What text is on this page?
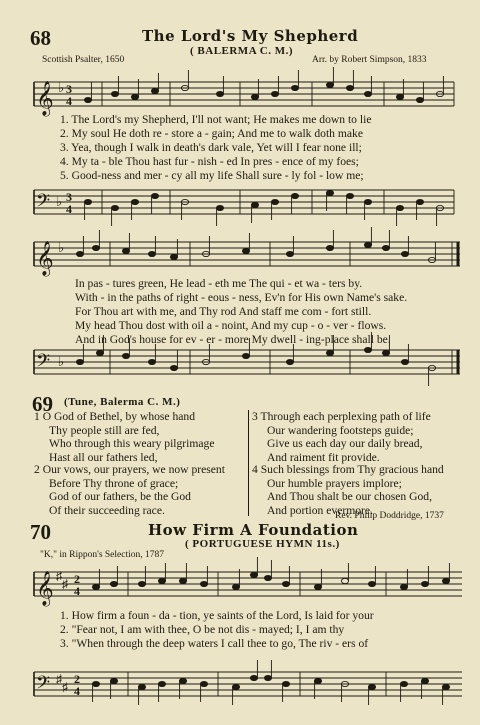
68	The Lord's My Shepherd
( BALERMA C. M.)
Scottish Psalter, 1650	Arr. by Robert Simpson, 1833
𝄞 ♭ 3
4
1. The Lord's my Shepherd, I'll not want; He makes me down to lie
2. My soul He doth re - store a - gain; And me to walk doth make
3. Yea, though I walk in death's dark vale, Yet will I fear none ill;
4. My ta - ble Thou hast fur - nish - ed In pres - ence of my foes;
5. Good-ness and mer - cy all my life Shall sure - ly fol - low me;
𝄢 ♭ 3
4
𝄞 ♭
In pas - tures green, He lead - eth me The qui - et wa - ters by.
With - in the paths of right - eous - ness, Ev'n for His own Name's sake.
For Thou art with me, and Thy rod And staff me com - fort still.
My head Thou dost with oil a - noint, And my cup - o - ver - flows.
And in God's house for ev - er - more My dwell - ing-place shall be.
𝄢 ♭
69 (Tune, Balerma C. M.)
1 O God of Bethel, by whose hand
Thy people still are fed,
Who through this weary pilgrimage
Hast all our fathers led,
2 Our vows, our prayers, we now present
Before Thy throne of grace;
God of our fathers, be the God
Of their succeeding race.
3 Through each perplexing path of life
Our wandering footsteps guide;
Give us each day our daily bread,
And raiment fit provide.
4 Such blessings from Thy gracious hand
Our humble prayers implore;
And Thou shalt be our chosen God,
And portion evermore.
Rev. Philip Doddridge, 1737
70	How Firm A Foundation
( PORTUGUESE HYMN 11s.)
"K," in Rippon's Selection, 1787
𝄞 ♯
♯ 2
4
1. How firm a foun - da - tion, ye saints of the Lord, Is laid for your
2. "Fear not, I am with thee, O be not dis - mayed; I, I am thy
3. "When through the deep waters I call thee to go, The riv - ers of
𝄢 ♯
♯
2
4
